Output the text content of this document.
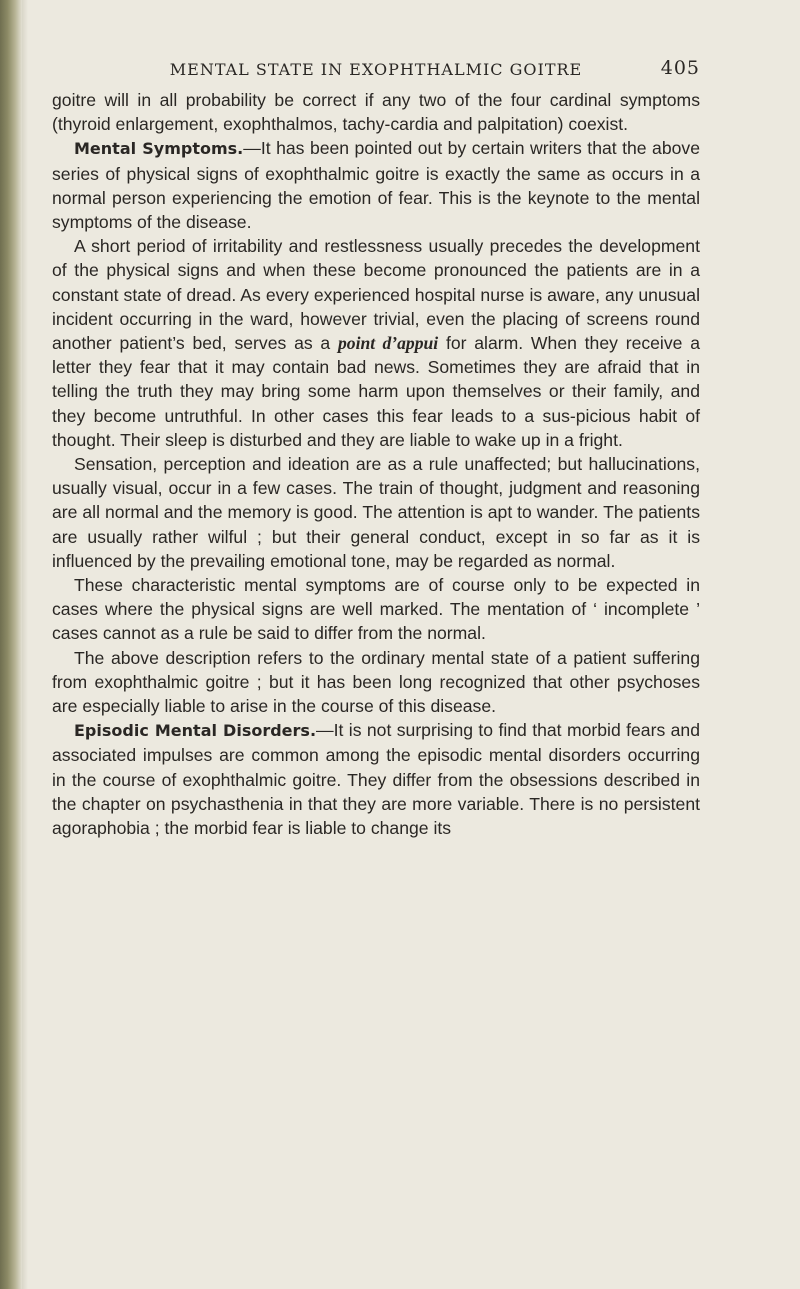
MENTAL STATE IN EXOPHTHALMIC GOITRE	405

goitre will in all probability be correct if any two of the four cardinal symptoms (thyroid enlargement, exophthalmos, tachy-cardia and palpitation) coexist.

Mental Symptoms.—It has been pointed out by certain writers that the above series of physical signs of exophthalmic goitre is exactly the same as occurs in a normal person experiencing the emotion of fear. This is the keynote to the mental symptoms of the disease.

A short period of irritability and restlessness usually precedes the development of the physical signs and when these become pronounced the patients are in a constant state of dread. As every experienced hospital nurse is aware, any unusual incident occurring in the ward, however trivial, even the placing of screens round another patient’s bed, serves as a point d’appui for alarm. When they receive a letter they fear that it may contain bad news. Sometimes they are afraid that in telling the truth they may bring some harm upon themselves or their family, and they become untruthful. In other cases this fear leads to a sus-picious habit of thought. Their sleep is disturbed and they are liable to wake up in a fright.

Sensation, perception and ideation are as a rule unaffected; but hallucinations, usually visual, occur in a few cases. The train of thought, judgment and reasoning are all normal and the memory is good. The attention is apt to wander. The patients are usually rather wilful ; but their general conduct, except in so far as it is influenced by the prevailing emotional tone, may be regarded as normal.

These characteristic mental symptoms are of course only to be expected in cases where the physical signs are well marked. The mentation of ‘ incomplete ’ cases cannot as a rule be said to differ from the normal.

The above description refers to the ordinary mental state of a patient suffering from exophthalmic goitre ; but it has been long recognized that other psychoses are especially liable to arise in the course of this disease.

Episodic Mental Disorders.—It is not surprising to find that morbid fears and associated impulses are common among the episodic mental disorders occurring in the course of exophthalmic goitre. They differ from the obsessions described in the chapter on psychasthenia in that they are more variable. There is no persistent agoraphobia ; the morbid fear is liable to change its
